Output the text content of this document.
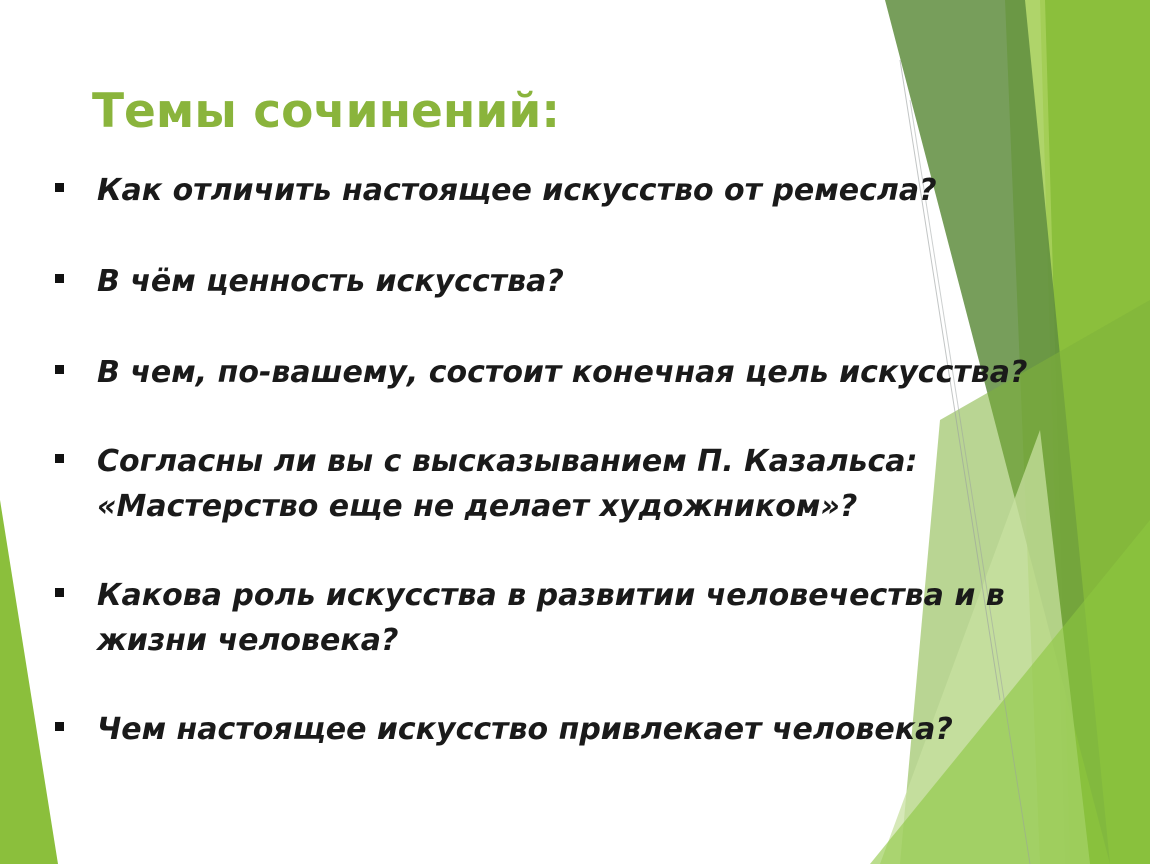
Темы сочинений:
Как отличить настоящее искусство от ремесла?
В чём ценность искусства?
В чем, по-вашему, состоит конечная цель искусства?
Согласны ли вы с высказыванием П. Казальса: «Мастерство еще не делает художником»?
Какова роль искусства в развитии человечества и в жизни человека?
Чем настоящее искусство привлекает человека?
